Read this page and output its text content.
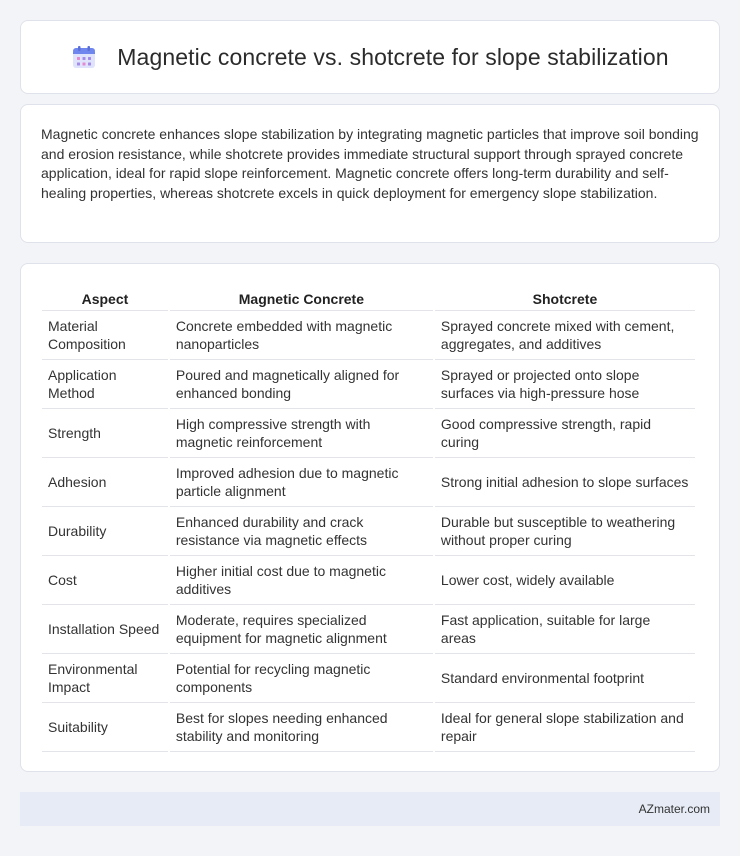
Magnetic concrete vs. shotcrete for slope stabilization

Magnetic concrete enhances slope stabilization by integrating magnetic particles that improve soil bonding and erosion resistance, while shotcrete provides immediate structural support through sprayed concrete application, ideal for rapid slope reinforcement. Magnetic concrete offers long-term durability and self-healing properties, whereas shotcrete excels in quick deployment for emergency slope stabilization.

Aspect	Magnetic Concrete	Shotcrete
Material Composition	Concrete embedded with magnetic nanoparticles	Sprayed concrete mixed with cement, aggregates, and additives
Application Method	Poured and magnetically aligned for enhanced bonding	Sprayed or projected onto slope surfaces via high-pressure hose
Strength	High compressive strength with magnetic reinforcement	Good compressive strength, rapid curing
Adhesion	Improved adhesion due to magnetic particle alignment	Strong initial adhesion to slope surfaces
Durability	Enhanced durability and crack resistance via magnetic effects	Durable but susceptible to weathering without proper curing
Cost	Higher initial cost due to magnetic additives	Lower cost, widely available
Installation Speed	Moderate, requires specialized equipment for magnetic alignment	Fast application, suitable for large areas
Environmental Impact	Potential for recycling magnetic components	Standard environmental footprint
Suitability	Best for slopes needing enhanced stability and monitoring	Ideal for general slope stabilization and repair
AZmater.com
